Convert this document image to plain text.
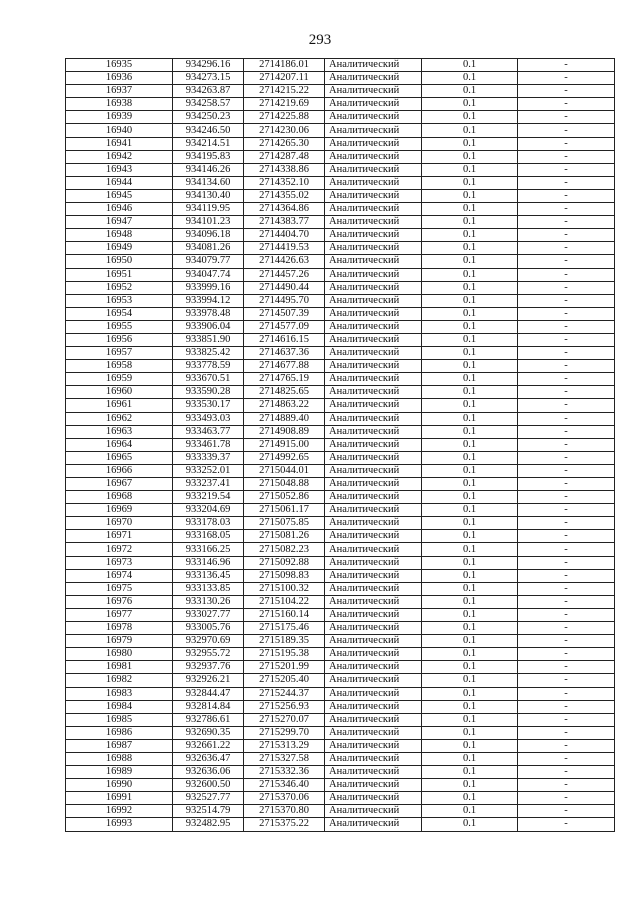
293
16935	934296.16	2714186.01	Аналитический	0.1	-
16936	934273.15	2714207.11	Аналитический	0.1	-
16937	934263.87	2714215.22	Аналитический	0.1	-
16938	934258.57	2714219.69	Аналитический	0.1	-
16939	934250.23	2714225.88	Аналитический	0.1	-
16940	934246.50	2714230.06	Аналитический	0.1	-
16941	934214.51	2714265.30	Аналитический	0.1	-
16942	934195.83	2714287.48	Аналитический	0.1	-
16943	934146.26	2714338.86	Аналитический	0.1	-
16944	934134.60	2714352.10	Аналитический	0.1	-
16945	934130.40	2714355.02	Аналитический	0.1	-
16946	934119.95	2714364.86	Аналитический	0.1	-
16947	934101.23	2714383.77	Аналитический	0.1	-
16948	934096.18	2714404.70	Аналитический	0.1	-
16949	934081.26	2714419.53	Аналитический	0.1	-
16950	934079.77	2714426.63	Аналитический	0.1	-
16951	934047.74	2714457.26	Аналитический	0.1	-
16952	933999.16	2714490.44	Аналитический	0.1	-
16953	933994.12	2714495.70	Аналитический	0.1	-
16954	933978.48	2714507.39	Аналитический	0.1	-
16955	933906.04	2714577.09	Аналитический	0.1	-
16956	933851.90	2714616.15	Аналитический	0.1	-
16957	933825.42	2714637.36	Аналитический	0.1	-
16958	933778.59	2714677.88	Аналитический	0.1	-
16959	933670.51	2714765.19	Аналитический	0.1	-
16960	933590.28	2714825.65	Аналитический	0.1	-
16961	933530.17	2714863.22	Аналитический	0.1	-
16962	933493.03	2714889.40	Аналитический	0.1	-
16963	933463.77	2714908.89	Аналитический	0.1	-
16964	933461.78	2714915.00	Аналитический	0.1	-
16965	933339.37	2714992.65	Аналитический	0.1	-
16966	933252.01	2715044.01	Аналитический	0.1	-
16967	933237.41	2715048.88	Аналитический	0.1	-
16968	933219.54	2715052.86	Аналитический	0.1	-
16969	933204.69	2715061.17	Аналитический	0.1	-
16970	933178.03	2715075.85	Аналитический	0.1	-
16971	933168.05	2715081.26	Аналитический	0.1	-
16972	933166.25	2715082.23	Аналитический	0.1	-
16973	933146.96	2715092.88	Аналитический	0.1	-
16974	933136.45	2715098.83	Аналитический	0.1	-
16975	933133.85	2715100.32	Аналитический	0.1	-
16976	933130.26	2715104.22	Аналитический	0.1	-
16977	933027.77	2715160.14	Аналитический	0.1	-
16978	933005.76	2715175.46	Аналитический	0.1	-
16979	932970.69	2715189.35	Аналитический	0.1	-
16980	932955.72	2715195.38	Аналитический	0.1	-
16981	932937.76	2715201.99	Аналитический	0.1	-
16982	932926.21	2715205.40	Аналитический	0.1	-
16983	932844.47	2715244.37	Аналитический	0.1	-
16984	932814.84	2715256.93	Аналитический	0.1	-
16985	932786.61	2715270.07	Аналитический	0.1	-
16986	932690.35	2715299.70	Аналитический	0.1	-
16987	932661.22	2715313.29	Аналитический	0.1	-
16988	932636.47	2715327.58	Аналитический	0.1	-
16989	932636.06	2715332.36	Аналитический	0.1	-
16990	932600.50	2715346.40	Аналитический	0.1	-
16991	932527.77	2715370.06	Аналитический	0.1	-
16992	932514.79	2715370.80	Аналитический	0.1	-
16993	932482.95	2715375.22	Аналитический	0.1	-
